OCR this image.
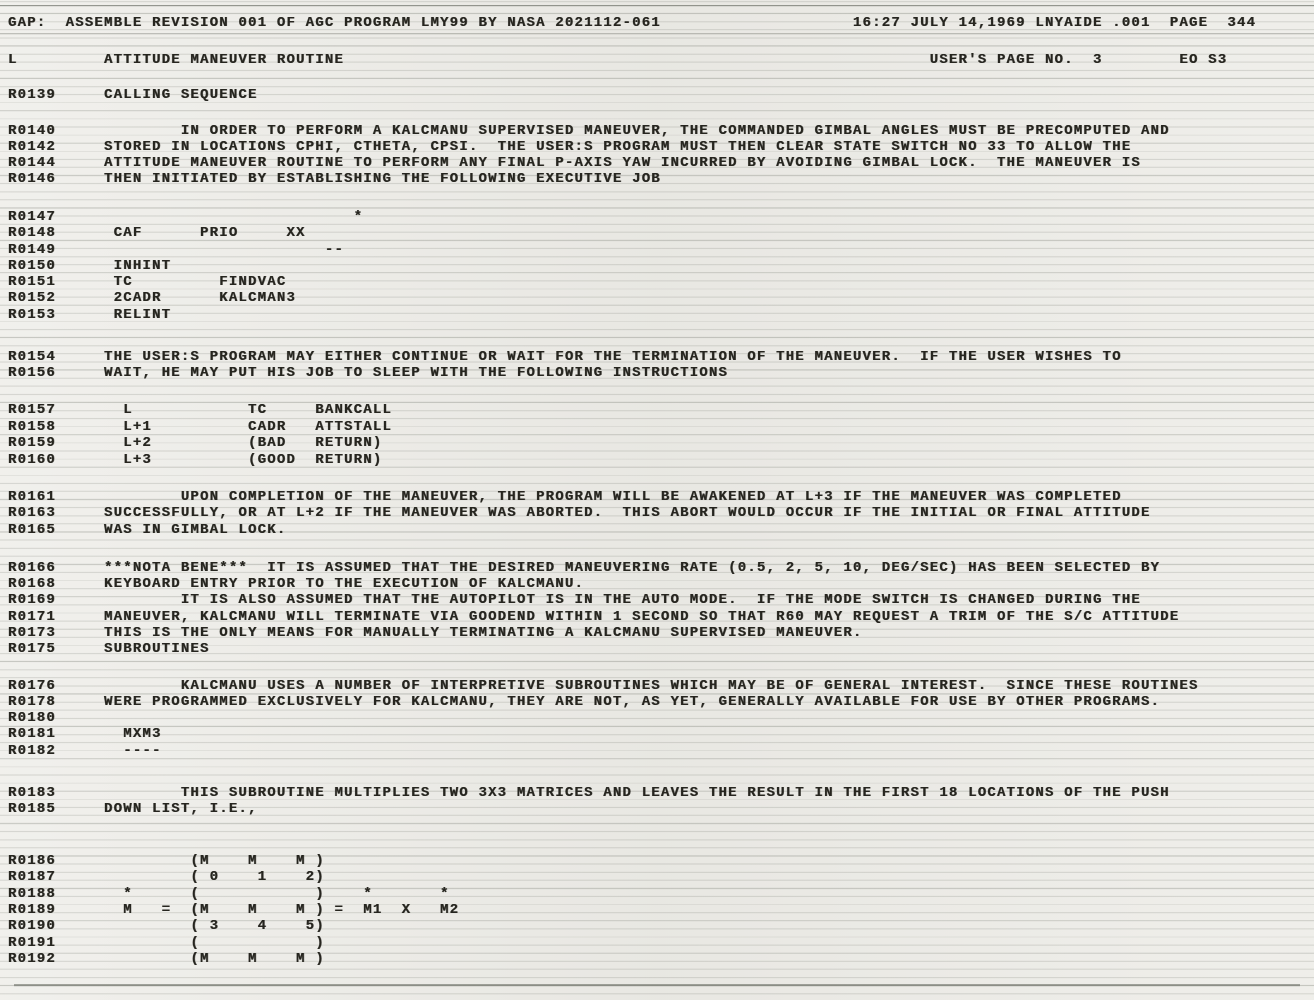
GAP:  ASSEMBLE REVISION 001 OF AGC PROGRAM LMY99 BY NASA 2021112-061                    16:27 JULY 14,1969 LNYAIDE .001  PAGE  344
L         ATTITUDE MANEUVER ROUTINE                                                             USER'S PAGE NO.  3        EO S3
R0139     CALLING SEQUENCE
R0140             IN ORDER TO PERFORM A KALCMANU SUPERVISED MANEUVER, THE COMMANDED GIMBAL ANGLES MUST BE PRECOMPUTED AND
R0142     STORED IN LOCATIONS CPHI, CTHETA, CPSI.  THE USER:S PROGRAM MUST THEN CLEAR STATE SWITCH NO 33 TO ALLOW THE
R0144     ATTITUDE MANEUVER ROUTINE TO PERFORM ANY FINAL P-AXIS YAW INCURRED BY AVOIDING GIMBAL LOCK.  THE MANEUVER IS
R0146     THEN INITIATED BY ESTABLISHING THE FOLLOWING EXECUTIVE JOB
R0147                               *
R0148      CAF      PRIO     XX
R0149                            --
R0150      INHINT
R0151      TC         FINDVAC
R0152      2CADR      KALCMAN3
R0153      RELINT
R0154     THE USER:S PROGRAM MAY EITHER CONTINUE OR WAIT FOR THE TERMINATION OF THE MANEUVER.  IF THE USER WISHES TO
R0156     WAIT, HE MAY PUT HIS JOB TO SLEEP WITH THE FOLLOWING INSTRUCTIONS
R0157       L            TC     BANKCALL
R0158       L+1          CADR   ATTSTALL
R0159       L+2          (BAD   RETURN)
R0160       L+3          (GOOD  RETURN)
R0161             UPON COMPLETION OF THE MANEUVER, THE PROGRAM WILL BE AWAKENED AT L+3 IF THE MANEUVER WAS COMPLETED
R0163     SUCCESSFULLY, OR AT L+2 IF THE MANEUVER WAS ABORTED.  THIS ABORT WOULD OCCUR IF THE INITIAL OR FINAL ATTITUDE
R0165     WAS IN GIMBAL LOCK.
R0166     ***NOTA BENE***  IT IS ASSUMED THAT THE DESIRED MANEUVERING RATE (0.5, 2, 5, 10, DEG/SEC) HAS BEEN SELECTED BY
R0168     KEYBOARD ENTRY PRIOR TO THE EXECUTION OF KALCMANU.
R0169             IT IS ALSO ASSUMED THAT THE AUTOPILOT IS IN THE AUTO MODE.  IF THE MODE SWITCH IS CHANGED DURING THE
R0171     MANEUVER, KALCMANU WILL TERMINATE VIA GOODEND WITHIN 1 SECOND SO THAT R60 MAY REQUEST A TRIM OF THE S/C ATTITUDE
R0173     THIS IS THE ONLY MEANS FOR MANUALLY TERMINATING A KALCMANU SUPERVISED MANEUVER.
R0175     SUBROUTINES
R0176             KALCMANU USES A NUMBER OF INTERPRETIVE SUBROUTINES WHICH MAY BE OF GENERAL INTEREST.  SINCE THESE ROUTINES
R0178     WERE PROGRAMMED EXCLUSIVELY FOR KALCMANU, THEY ARE NOT, AS YET, GENERALLY AVAILABLE FOR USE BY OTHER PROGRAMS.
R0180
R0181       MXM3
R0182       ----
R0183             THIS SUBROUTINE MULTIPLIES TWO 3X3 MATRICES AND LEAVES THE RESULT IN THE FIRST 18 LOCATIONS OF THE PUSH
R0185     DOWN LIST, I.E.,
R0186              (M    M    M )
R0187              ( 0    1    2)
R0188       *      (            )    *       *
R0189       M   =  (M    M    M ) =  M1  X   M2
R0190              ( 3    4    5)
R0191              (            )
R0192              (M    M    M )
